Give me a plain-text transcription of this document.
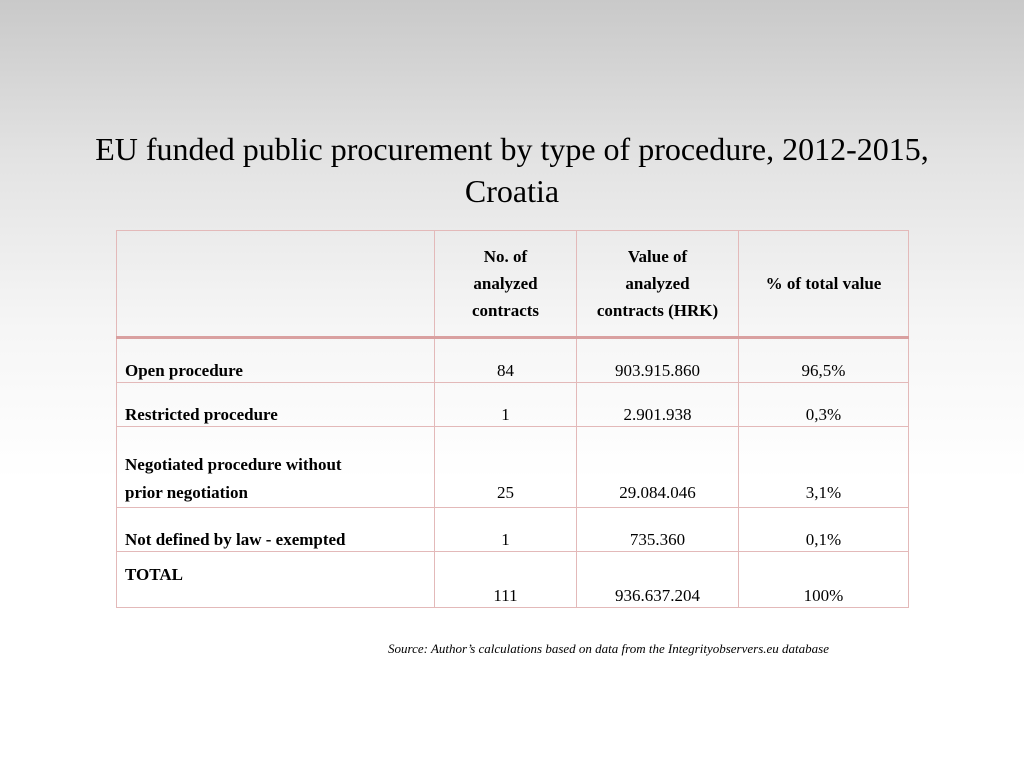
EU funded public procurement by type of procedure, 2012-2015,
Croatia
	No. of
analyzed
contracts	Value of
analyzed
contracts (HRK)	% of total value
Open procedure	84	903.915.860	96,5%
Restricted procedure	1	2.901.938	0,3%
Negotiated procedure without
prior negotiation	25	29.084.046	3,1%
Not defined by law - exempted	1	735.360	0,1%
TOTAL	111	936.637.204	100%
Source: Author’s calculations based on data from the Integrityobservers.eu database
